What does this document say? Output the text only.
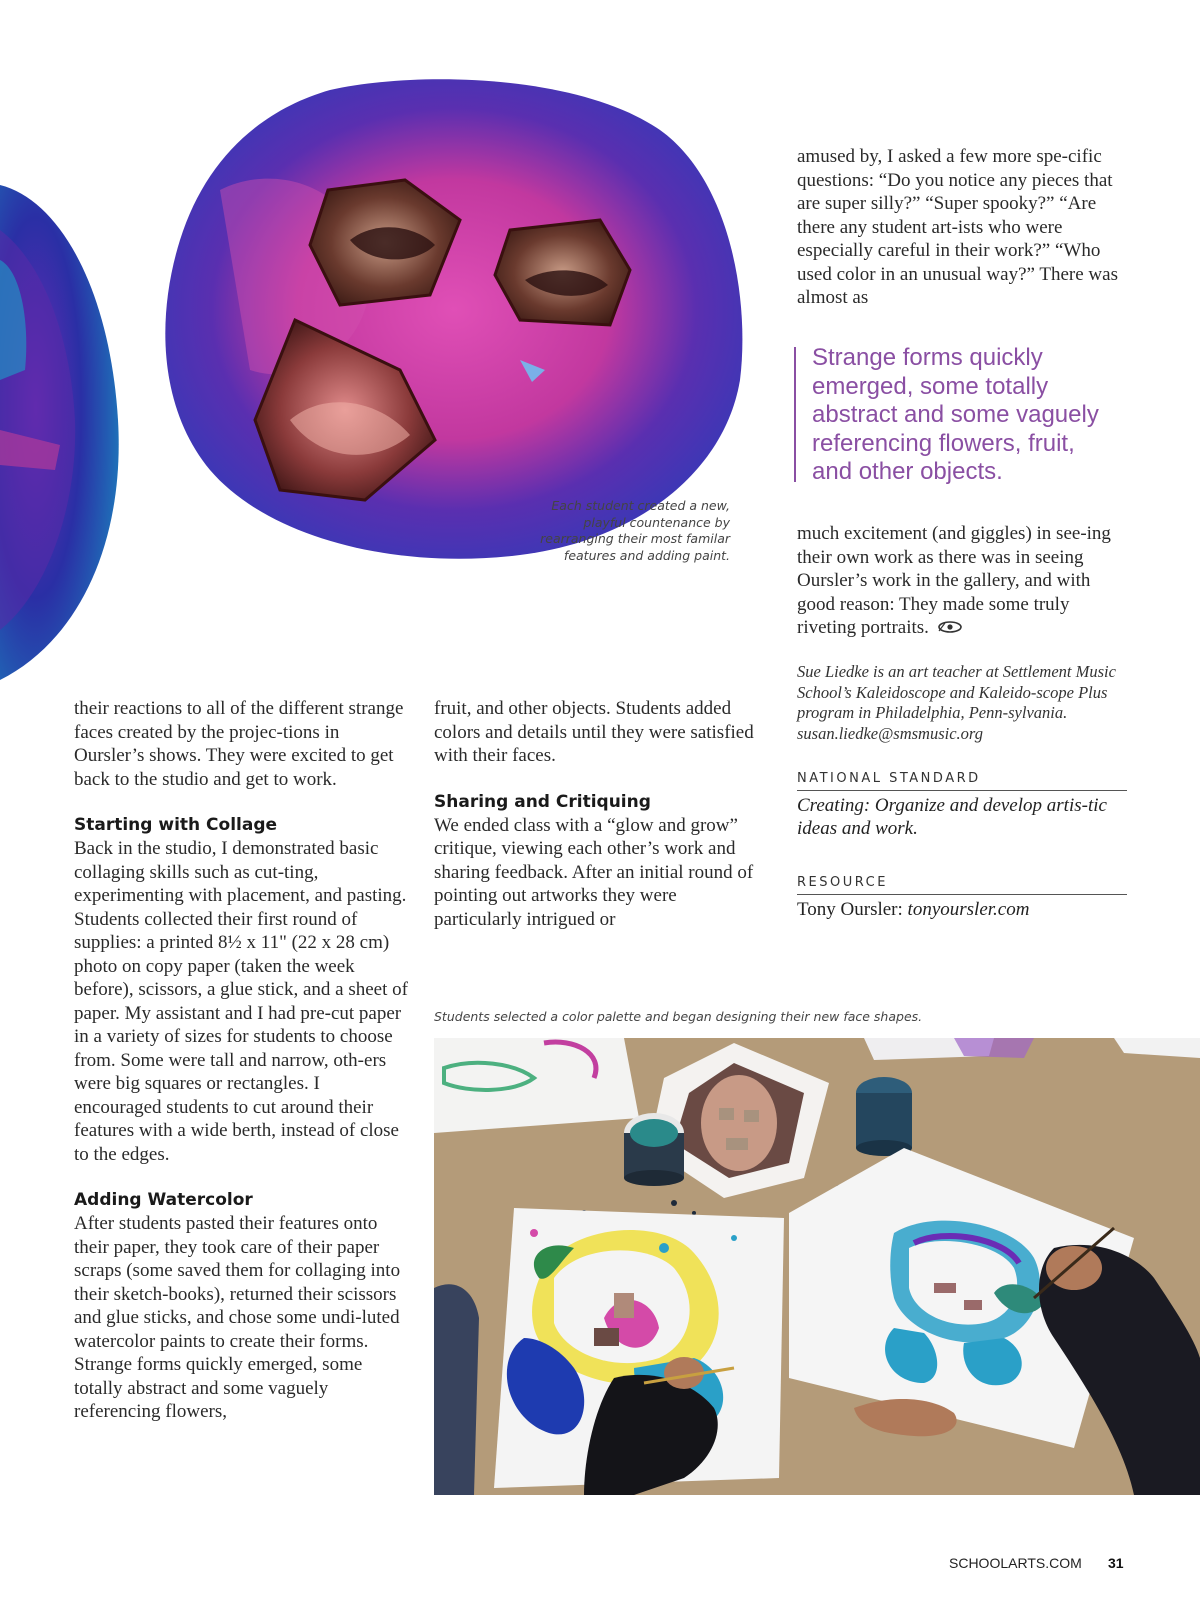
Each student created a new, playful countenance by rearranging their most familar features and adding paint.

amused by, I asked a few more spe-cific questions: “Do you notice any pieces that are super silly?” “Super spooky?” “Are there any student art-ists who were especially careful in their work?” “Who used color in an unusual way?” There was almost as

Strange forms quickly emerged, some totally abstract and some vaguely referencing flowers, fruit, and other objects.

much excitement (and giggles) in see-ing their own work as there was in seeing Oursler’s work in the gallery, and with good reason: They made some truly riveting portraits.

Sue Liedke is an art teacher at Settlement Music School’s Kaleidoscope and Kaleido-scope Plus program in Philadelphia, Penn-sylvania. susan.liedke@smsmusic.org
NATIONAL STANDARD
Creating: Organize and develop artis-tic ideas and work.
RESOURCE
Tony Oursler: tonyoursler.com

their reactions to all of the different strange faces created by the projec-tions in Oursler’s shows. They were excited to get back to the studio and get to work.

Starting with Collage

Back in the studio, I demonstrated basic collaging skills such as cut-ting, experimenting with placement, and pasting. Students collected their first round of supplies: a printed 8½ x 11" (22 x 28 cm) photo on copy paper (taken the week before), scissors, a glue stick, and a sheet of paper. My assistant and I had pre-cut paper in a variety of sizes for students to choose from. Some were tall and narrow, oth-ers were big squares or rectangles. I encouraged students to cut around their features with a wide berth, instead of close to the edges.

Adding Watercolor

After students pasted their features onto their paper, they took care of their paper scraps (some saved them for collaging into their sketch-books), returned their scissors and glue sticks, and chose some undi-luted watercolor paints to create their forms. Strange forms quickly emerged, some totally abstract and some vaguely referencing flowers,

fruit, and other objects. Students added colors and details until they were satisfied with their faces.

Sharing and Critiquing

We ended class with a “glow and grow” critique, viewing each other’s work and sharing feedback. After an initial round of pointing out artworks they were particularly intrigued or

Students selected a color palette and began designing their new face shapes.
SCHOOLARTS.COM 31
